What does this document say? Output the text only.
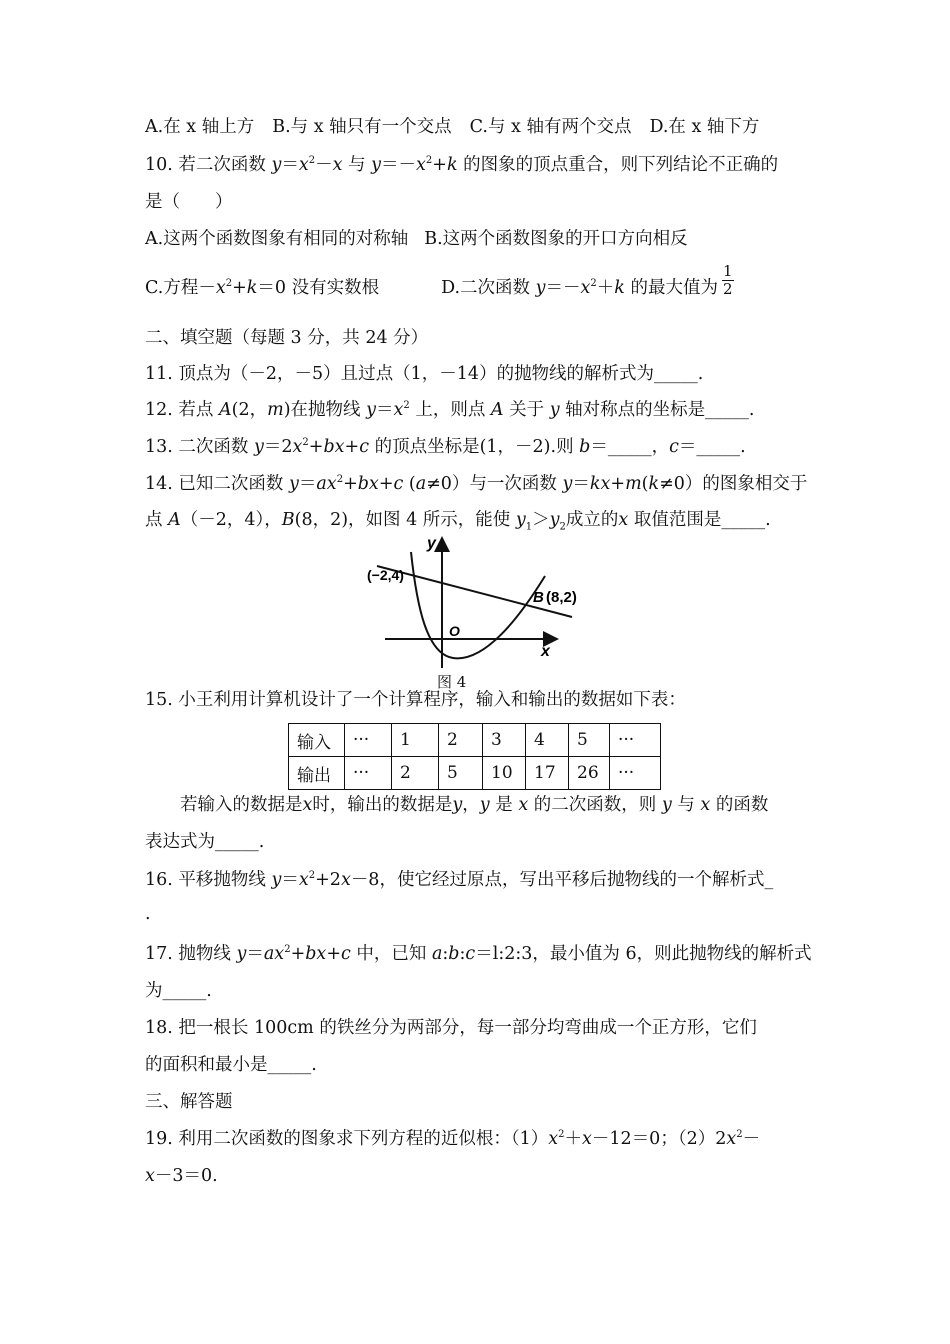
A.在 x 轴上方 B.与 x 轴只有一个交点 C.与 x 轴有两个交点 D.在 x 轴下方
10. 若二次函数 $y=x^2-x$ 与 $y=-x^2+k$ 的图象的顶点重合，则下列结论不正确的
是（　　）
A.这两个函数图象有相同的对称轴 B.这两个函数图象的开口方向相反
C.方程$-x^2+k=0$ 没有实数根	D.二次函数 $y=-x^2+k$ 的最大值为 $\frac{1}{2}$
二、填空题（每题 3 分，共 24 分）
11. 顶点为（－2，－5）且过点（1，－14）的抛物线的解析式为_____.
12. 若点 A(2，m)在抛物线 $y=x^2$ 上，则点 A 关于 y 轴对称点的坐标是_____.
13. 二次函数 $y=2x^2+bx+c$ 的顶点坐标是(1，－2).则 b＝_____，c＝_____.
14. 已知二次函数 $y=ax^2+bx+c$ (a≠0）与一次函数 y＝kx+m(k≠0）的图象相交于
点 A（－2，4），B(8，2)，如图 4 所示，能使 $y_1>y_2$成立的x 取值范围是_____.
y
x
O
(−2,4)
B (8,2)
图 4
15. 小王利用计算机设计了一个计算程序，输入和输出的数据如下表：
输入	···	1	2	3	4	5	···
输出	···	2	5	10	17	26	···
若输入的数据是x时，输出的数据是y，y 是 x 的二次函数，则 y 与 x 的函数
表达式为_____.
16. 平移抛物线 $y=x^2+2x-8$，使它经过原点，写出平移后抛物线的一个解析式_
.
17. 抛物线 $y=ax^2+bx+c$ 中，已知 a:b:c＝l:2:3，最小值为 6，则此抛物线的解析式
为_____.
18. 把一根长 100cm 的铁丝分为两部分，每一部分均弯曲成一个正方形，它们
的面积和最小是_____.
三、解答题
19. 利用二次函数的图象求下列方程的近似根：$(1)x^2+x-12=0$；$(2)2x^2-$
x－3＝0.
